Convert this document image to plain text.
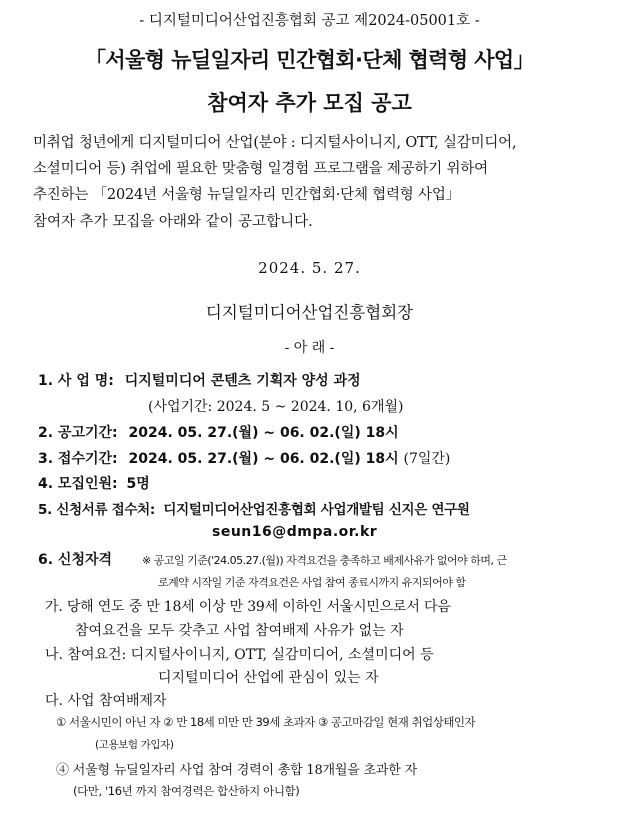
- 디지털미디어산업진흥협회 공고 제2024-05001호 -
「서울형 뉴딜일자리 민간협회·단체 협력형 사업」
참여자 추가 모집 공고
미취업 청년에게 디지털미디어 산업(분야 : 디지털사이니지, OTT, 실감미디어,
소셜미디어 등) 취업에 필요한 맞춤형 일경험 프로그램을 제공하기 위하여
추진하는 「2024년 서울형 뉴딜일자리 민간협회·단체 협력형 사업」
참여자 추가 모집을 아래와 같이 공고합니다.
2024. 5. 27.
디지털미디어산업진흥협회장
- 아 래 -
1. 사 업 명: 디지털미디어 콘텐츠 기획자 양성 과정
(사업기간: 2024. 5 ~ 2024. 10, 6개월)
2. 공고기간: 2024. 05. 27.(월) ~ 06. 02.(일) 18시
3. 접수기간: 2024. 05. 27.(월) ~ 06. 02.(일) 18시 (7일간)
4. 모집인원: 5명
5. 신청서류 접수처: 디지털미디어산업진흥협회 사업개발팀 신지은 연구원
seun16@dmpa.or.kr
6. 신청자격	※ 공고일 기준('24.05.27.(월)) 자격요건을 충족하고 배제사유가 없어야 하며, 근
로계약 시작일 기준 자격요건은 사업 참여 종료시까지 유지되어야 함
가. 당해 연도 중 만 18세 이상 만 39세 이하인 서울시민으로서 다음
참여요건을 모두 갖추고 사업 참여배제 사유가 없는 자
나. 참여요건: 디지털사이니지, OTT, 실감미디어, 소셜미디어 등
디지털미디어 산업에 관심이 있는 자
다. 사업 참여배제자
① 서울시민이 아닌 자 ② 만 18세 미만 만 39세 초과자 ③ 공고마감일 현재 취업상태인자
(고용보험 가입자)
④ 서울형 뉴딜일자리 사업 참여 경력이 총합 18개월을 초과한 자
(다만, '16년 까지 참여경력은 합산하지 아니함)
